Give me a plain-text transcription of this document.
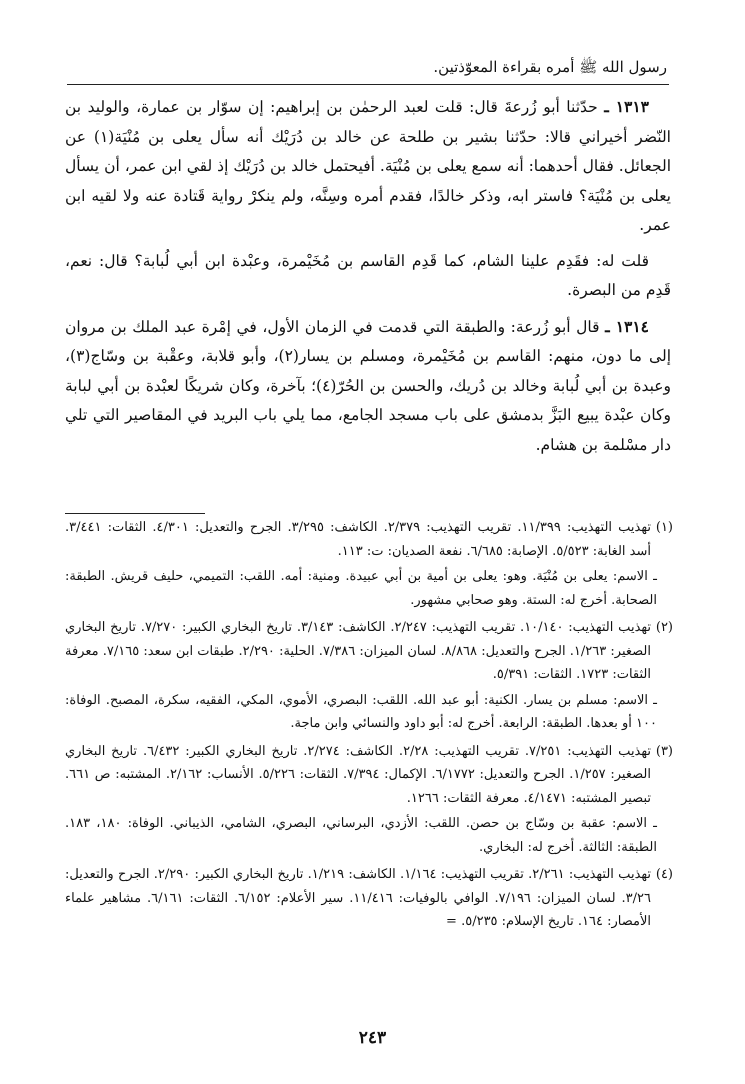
رسول الله ﷺ أمره بقراءة المعوّذتين.

١٣١٣ ـ حدّثنا أبو زُرعةَ قال: قلت لعبد الرحمٰن بن إبراهيم: إن سوّار بن عمارة، والوليد بن النّضر أخيراني قالا: حدّثنا بشير بن طلحة عن خالد بن دُرَيْك أنه سأل يعلى بن مُنْيَة(١) عن الجعائل. فقال أحدهما: أنه سمع يعلى بن مُنْيَة. أفيحتمل خالد بن دُرَيْك إذ لقي ابن عمر، أن يسأل يعلى بن مُنْيَة؟ فاستر ابه، وذكر خالدًا، فقدم أمره وسِنَّه، ولم ينكرْ رواية قَتادة عنه ولا لقيه ابن عمر.

قلت له: فقَدِم علينا الشام، كما قَدِم القاسم بن مُخَيْمرة، وعبْدة ابن أبي لُبابة؟ قال: نعم، قَدِم من البصرة.

١٣١٤ ـ قال أبو زُرعة: والطبقة التي قدمت في الزمان الأول، في إمْرة عبد الملك بن مروان إلى ما دون، منهم: القاسم بن مُخَيْمرة، ومسلم بن يسار(٢)، وأبو قلابة، وعقْبة بن وسّاج(٣)، وعبدة بن أبي لُبابة وخالد بن دُريك، والحسن بن الحُرّ(٤)؛ بآخرة، وكان شريكًا لعبْدة بن أبي لبابة وكان عبْدة يبيع البَزَّ بدمشق على باب مسجد الجامع، مما يلي باب البريد في المقاصير التي تلي دار مسْلمة بن هشام.

(١)
تهذيب التهذيب: ١١/٣٩٩. تقريب التهذيب: ٢/٣٧٩. الكاشف: ٣/٢٩٥. الجرح والتعديل: ٤/٣٠١. الثقات: ٣/٤٤١. أسد الغابة: ٥/٥٢٣. الإصابة: ٦/٦٨٥. نفعة الصديان: ت: ١١٣.
ـ الاسم: يعلى بن مُنْيَة. وهو: يعلى بن أمية بن أبي عبيدة. ومنية: أمه. اللقب: التميمي، حليف قريش. الطبقة: الصحابة. أخرج له: الستة. وهو صحابي مشهور.
(٢)
تهذيب التهذيب: ١٠/١٤٠. تقريب التهذيب: ٢/٢٤٧. الكاشف: ٣/١٤٣. تاريخ البخاري الكبير: ٧/٢٧٠. تاريخ البخاري الصغير: ١/٢٦٣. الجرح والتعديل: ٨/٨٦٨. لسان الميزان: ٧/٣٨٦. الحلية: ٢/٢٩٠. طبقات ابن سعد: ٧/١٦٥. معرفة الثقات: ١٧٢٣. الثقات: ٥/٣٩١.
ـ الاسم: مسلم بن يسار. الكنية: أبو عبد الله. اللقب: البصري، الأموي، المكي، الفقيه، سكرة، المصبح. الوفاة: ١٠٠ أو بعدها. الطبقة: الرابعة. أخرج له: أبو داود والنسائي وابن ماجة.
(٣)
تهذيب التهذيب: ٧/٢٥١. تقريب التهذيب: ٢/٢٨. الكاشف: ٢/٢٧٤. تاريخ البخاري الكبير: ٦/٤٣٢. تاريخ البخاري الصغير: ١/٢٥٧. الجرح والتعديل: ٦/١٧٧٢. الإكمال: ٧/٣٩٤. الثقات: ٥/٢٢٦. الأنساب: ٢/١٦٢. المشتبه: ص ٦٦١. تبصير المشتبه: ٤/١٤٧١. معرفة الثقات: ١٢٦٦.
ـ الاسم: عقبة بن وسّاج بن حصن. اللقب: الأزدي، البرساني، البصري، الشامي، الذيباني. الوفاة: ١٨٠، ١٨٣. الطبقة: الثالثة. أخرج له: البخاري.
(٤)
تهذيب التهذيب: ٢/٢٦١. تقريب التهذيب: ١/١٦٤. الكاشف: ١/٢١٩. تاريخ البخاري الكبير: ٢/٢٩٠. الجرح والتعديل: ٣/٢٦. لسان الميزان: ٧/١٩٦. الوافي بالوفيات: ١١/٤١٦. سير الأعلام: ٦/١٥٢. الثقات: ٦/١٦١. مشاهير علماء الأمصار: ١٦٤. تاريخ الإسلام: ٥/٢٣٥. =
٢٤٣
